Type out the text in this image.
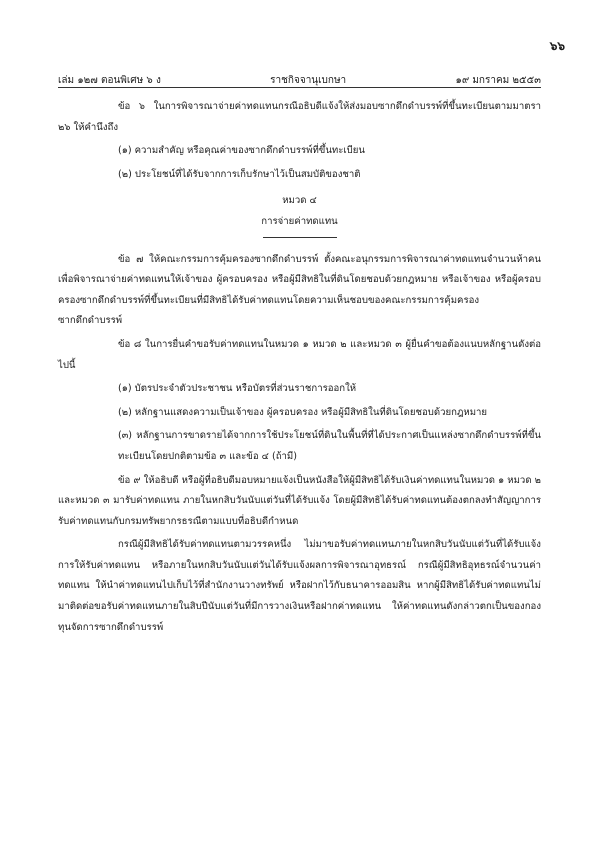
๖๖
เล่ม ๑๒๗ ตอนพิเศษ ๖ ง	ราชกิจจานุเบกษา	๑๙ มกราคม ๒๕๕๓

ข้อ ๖ ในการพิจารณาจ่ายค่าทดแทนกรณีอธิบดีแจ้งให้ส่งมอบซากดึกดำบรรพ์ที่ขึ้นทะเบียนตามมาตรา ๒๖ ให้คำนึงถึง

(๑) ความสำคัญ หรือคุณค่าของซากดึกดำบรรพ์ที่ขึ้นทะเบียน

(๒) ประโยชน์ที่ได้รับจากการเก็บรักษาไว้เป็นสมบัติของชาติ

หมวด ๔

การจ่ายค่าทดแทน

ข้อ ๗ ให้คณะกรรมการคุ้มครองซากดึกดำบรรพ์ ตั้งคณะอนุกรรมการพิจารณาค่าทดแทนจำนวนห้าคน เพื่อพิจารณาจ่ายค่าทดแทนให้เจ้าของ ผู้ครอบครอง หรือผู้มีสิทธิในที่ดินโดยชอบด้วยกฎหมาย หรือเจ้าของ หรือผู้ครอบครองซากดึกดำบรรพ์ที่ขึ้นทะเบียนที่มีสิทธิได้รับค่าทดแทนโดยความเห็นชอบของคณะกรรมการคุ้มครองซากดึกดำบรรพ์

ข้อ ๘ ในการยื่นคำขอรับค่าทดแทนในหมวด ๑ หมวด ๒ และหมวด ๓ ผู้ยื่นคำขอต้องแนบหลักฐานดังต่อไปนี้

(๑) บัตรประจำตัวประชาชน หรือบัตรที่ส่วนราชการออกให้

(๒) หลักฐานแสดงความเป็นเจ้าของ ผู้ครอบครอง หรือผู้มีสิทธิในที่ดินโดยชอบด้วยกฎหมาย

(๓) หลักฐานการขาดรายได้จากการใช้ประโยชน์ที่ดินในพื้นที่ที่ได้ประกาศเป็นแหล่งซากดึกดำบรรพ์ที่ขึ้นทะเบียนโดยปกติตามข้อ ๓ และข้อ ๔ (ถ้ามี)

ข้อ ๙ ให้อธิบดี หรือผู้ที่อธิบดีมอบหมายแจ้งเป็นหนังสือให้ผู้มีสิทธิได้รับเงินค่าทดแทนในหมวด ๑ หมวด ๒ และหมวด ๓ มารับค่าทดแทน ภายในหกสิบวันนับแต่วันที่ได้รับแจ้ง โดยผู้มีสิทธิได้รับค่าทดแทนต้องตกลงทำสัญญาการรับค่าทดแทนกับกรมทรัพยากรธรณีตามแบบที่อธิบดีกำหนด

กรณีผู้มีสิทธิได้รับค่าทดแทนตามวรรคหนึ่ง ไม่มาขอรับค่าทดแทนภายในหกสิบวันนับแต่วันที่ได้รับแจ้งการให้รับค่าทดแทน หรือภายในหกสิบวันนับแต่วันได้รับแจ้งผลการพิจารณาอุทธรณ์ กรณีผู้มีสิทธิอุทธรณ์จำนวนค่าทดแทน ให้นำค่าทดแทนไปเก็บไว้ที่สำนักงานวางทรัพย์ หรือฝากไว้กับธนาคารออมสิน หากผู้มีสิทธิได้รับค่าทดแทนไม่มาติดต่อขอรับค่าทดแทนภายในสิบปีนับแต่วันที่มีการวางเงินหรือฝากค่าทดแทน ให้ค่าทดแทนดังกล่าวตกเป็นของกองทุนจัดการซากดึกดำบรรพ์
